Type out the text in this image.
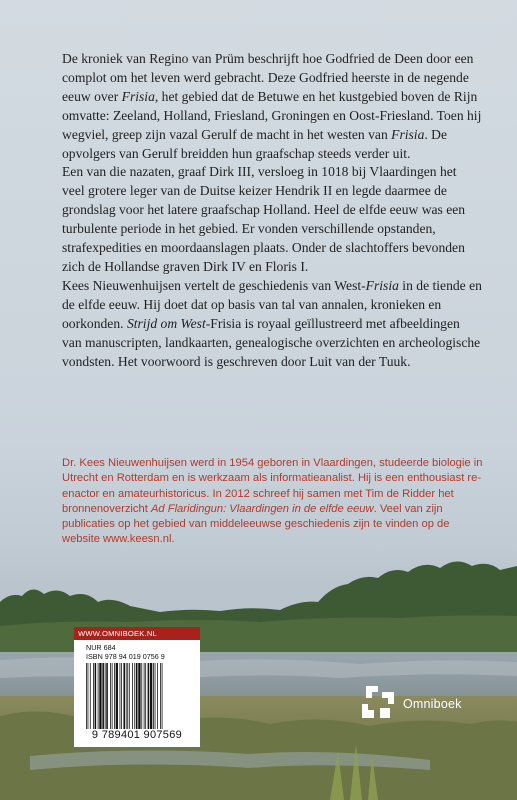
De kroniek van Regino van Prüm beschrijft hoe Godfried de Deen door een complot om het leven werd gebracht. Deze Godfried heerste in de negende eeuw over Frisia, het gebied dat de Betuwe en het kustgebied boven de Rijn omvatte: Zeeland, Holland, Friesland, Groningen en Oost-Friesland. Toen hij wegviel, greep zijn vazal Gerulf de macht in het westen van Frisia. De opvolgers van Gerulf breidden hun graafschap steeds verder uit.

Een van die nazaten, graaf Dirk III, versloeg in 1018 bij Vlaardingen het veel grotere leger van de Duitse keizer Hendrik II en legde daarmee de grondslag voor het latere graafschap Holland. Heel de elfde eeuw was een turbulente periode in het gebied. Er vonden verschillende opstanden, strafexpedities en moordaanslagen plaats. Onder de slachtoffers bevonden zich de Hollandse graven Dirk IV en Floris I.

Kees Nieuwenhuijsen vertelt de geschiedenis van West-Frisia in de tiende en de elfde eeuw. Hij doet dat op basis van tal van annalen, kronieken en oorkonden. Strijd om West-Frisia is royaal geïllustreerd met afbeeldingen van manuscripten, landkaarten, genealogische overzichten en archeologische vondsten. Het voorwoord is geschreven door Luit van der Tuuk.

Dr. Kees Nieuwenhuijsen werd in 1954 geboren in Vlaardingen, studeerde biologie in Utrecht en Rotterdam en is werkzaam als informatieanalist. Hij is een enthousiast re-enactor en amateurhistoricus. In 2012 schreef hij samen met Tim de Ridder het bronnenoverzicht Ad Flaridingun: Vlaardingen in de elfde eeuw. Veel van zijn publicaties op het gebied van middeleeuwse geschiedenis zijn te vinden op de website www.keesn.nl.

WWW.OMNIBOEK.NL
NUR 684
ISBN 978 94 019 0756 9
9 789401 907569
Omniboek
